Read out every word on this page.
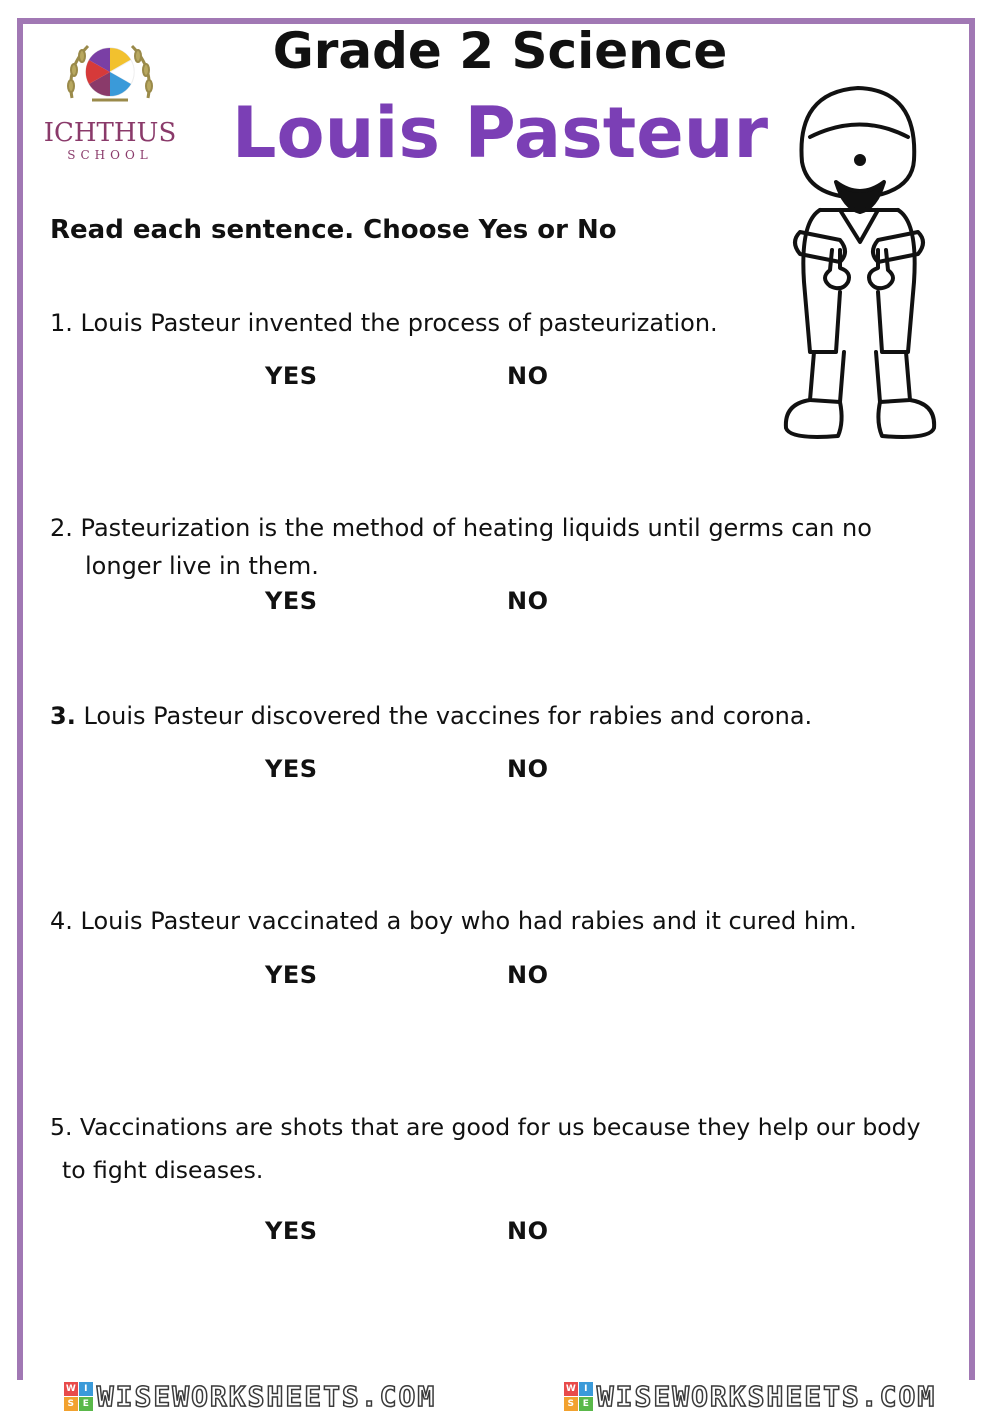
ICHTHUS
SCHOOL
Grade 2 Science
Louis Pasteur
Read each sentence. Choose Yes or No
1. Louis Pasteur invented the process of pasteurization.
YES	NO
2. Pasteurization is the method of heating liquids until germs can no
longer live in them.
YES	NO
3. Louis Pasteur discovered the vaccines for rabies and corona.
YES	NO
4. Louis Pasteur vaccinated a boy who had rabies and it cured him.
YES	NO
5. Vaccinations are shots that are good for us because they help our body
to fight diseases.
YES	NO
W I
S E WISEWORKSHEETS.COM	W I
S E WISEWORKSHEETS.COM
